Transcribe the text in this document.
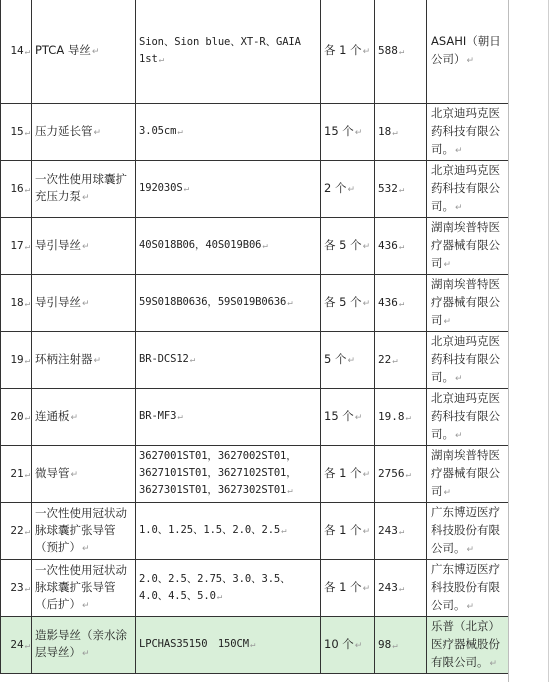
14↵	PTCA 导丝↵	Sion、Sion blue、XT-R、GAIA 1st↵	各 1 个↵	588↵	ASAHI（朝日公司）↵
15↵	压力延长管↵	3.05cm↵	15 个↵	18↵	北京迪玛克医药科技有限公司。↵
16↵	一次性使用球囊扩充压力泵↵	192030S↵	2 个↵	532↵	北京迪玛克医药科技有限公司。↵
17↵	导引导丝↵	40S018B06，40S019B06↵	各 5 个↵	436↵	湖南埃普特医疗器械有限公司↵
18↵	导引导丝↵	59S018B0636，59S019B0636↵	各 5 个↵	436↵	湖南埃普特医疗器械有限公司↵
19↵	环柄注射器↵	BR-DCS12↵	5 个↵	22↵	北京迪玛克医药科技有限公司。↵
20↵	连通板↵	BR-MF3↵	15 个↵	19.8↵	北京迪玛克医药科技有限公司。↵
21↵	微导管↵	3627001ST01，3627002ST01，3627101ST01，3627102ST01，3627301ST01，3627302ST01↵	各 1 个↵	2756↵	湖南埃普特医疗器械有限公司↵
22↵	一次性使用冠状动脉球囊扩张导管（预扩）↵	1.0、1.25、1.5、2.0、2.5↵	各 1 个↵	243↵	广东博迈医疗科技股份有限公司。↵
23↵	一次性使用冠状动脉球囊扩张导管（后扩）↵	2.0、2.5、2.75、3.0、3.5、4.0、4.5、5.0↵	各 1 个↵	243↵	广东博迈医疗科技股份有限公司。↵
24↵	造影导丝（亲水涂层导丝）↵	LPCHAS35150　150CM↵	10 个↵	98↵	乐普（北京）医疗器械股份有限公司。↵
